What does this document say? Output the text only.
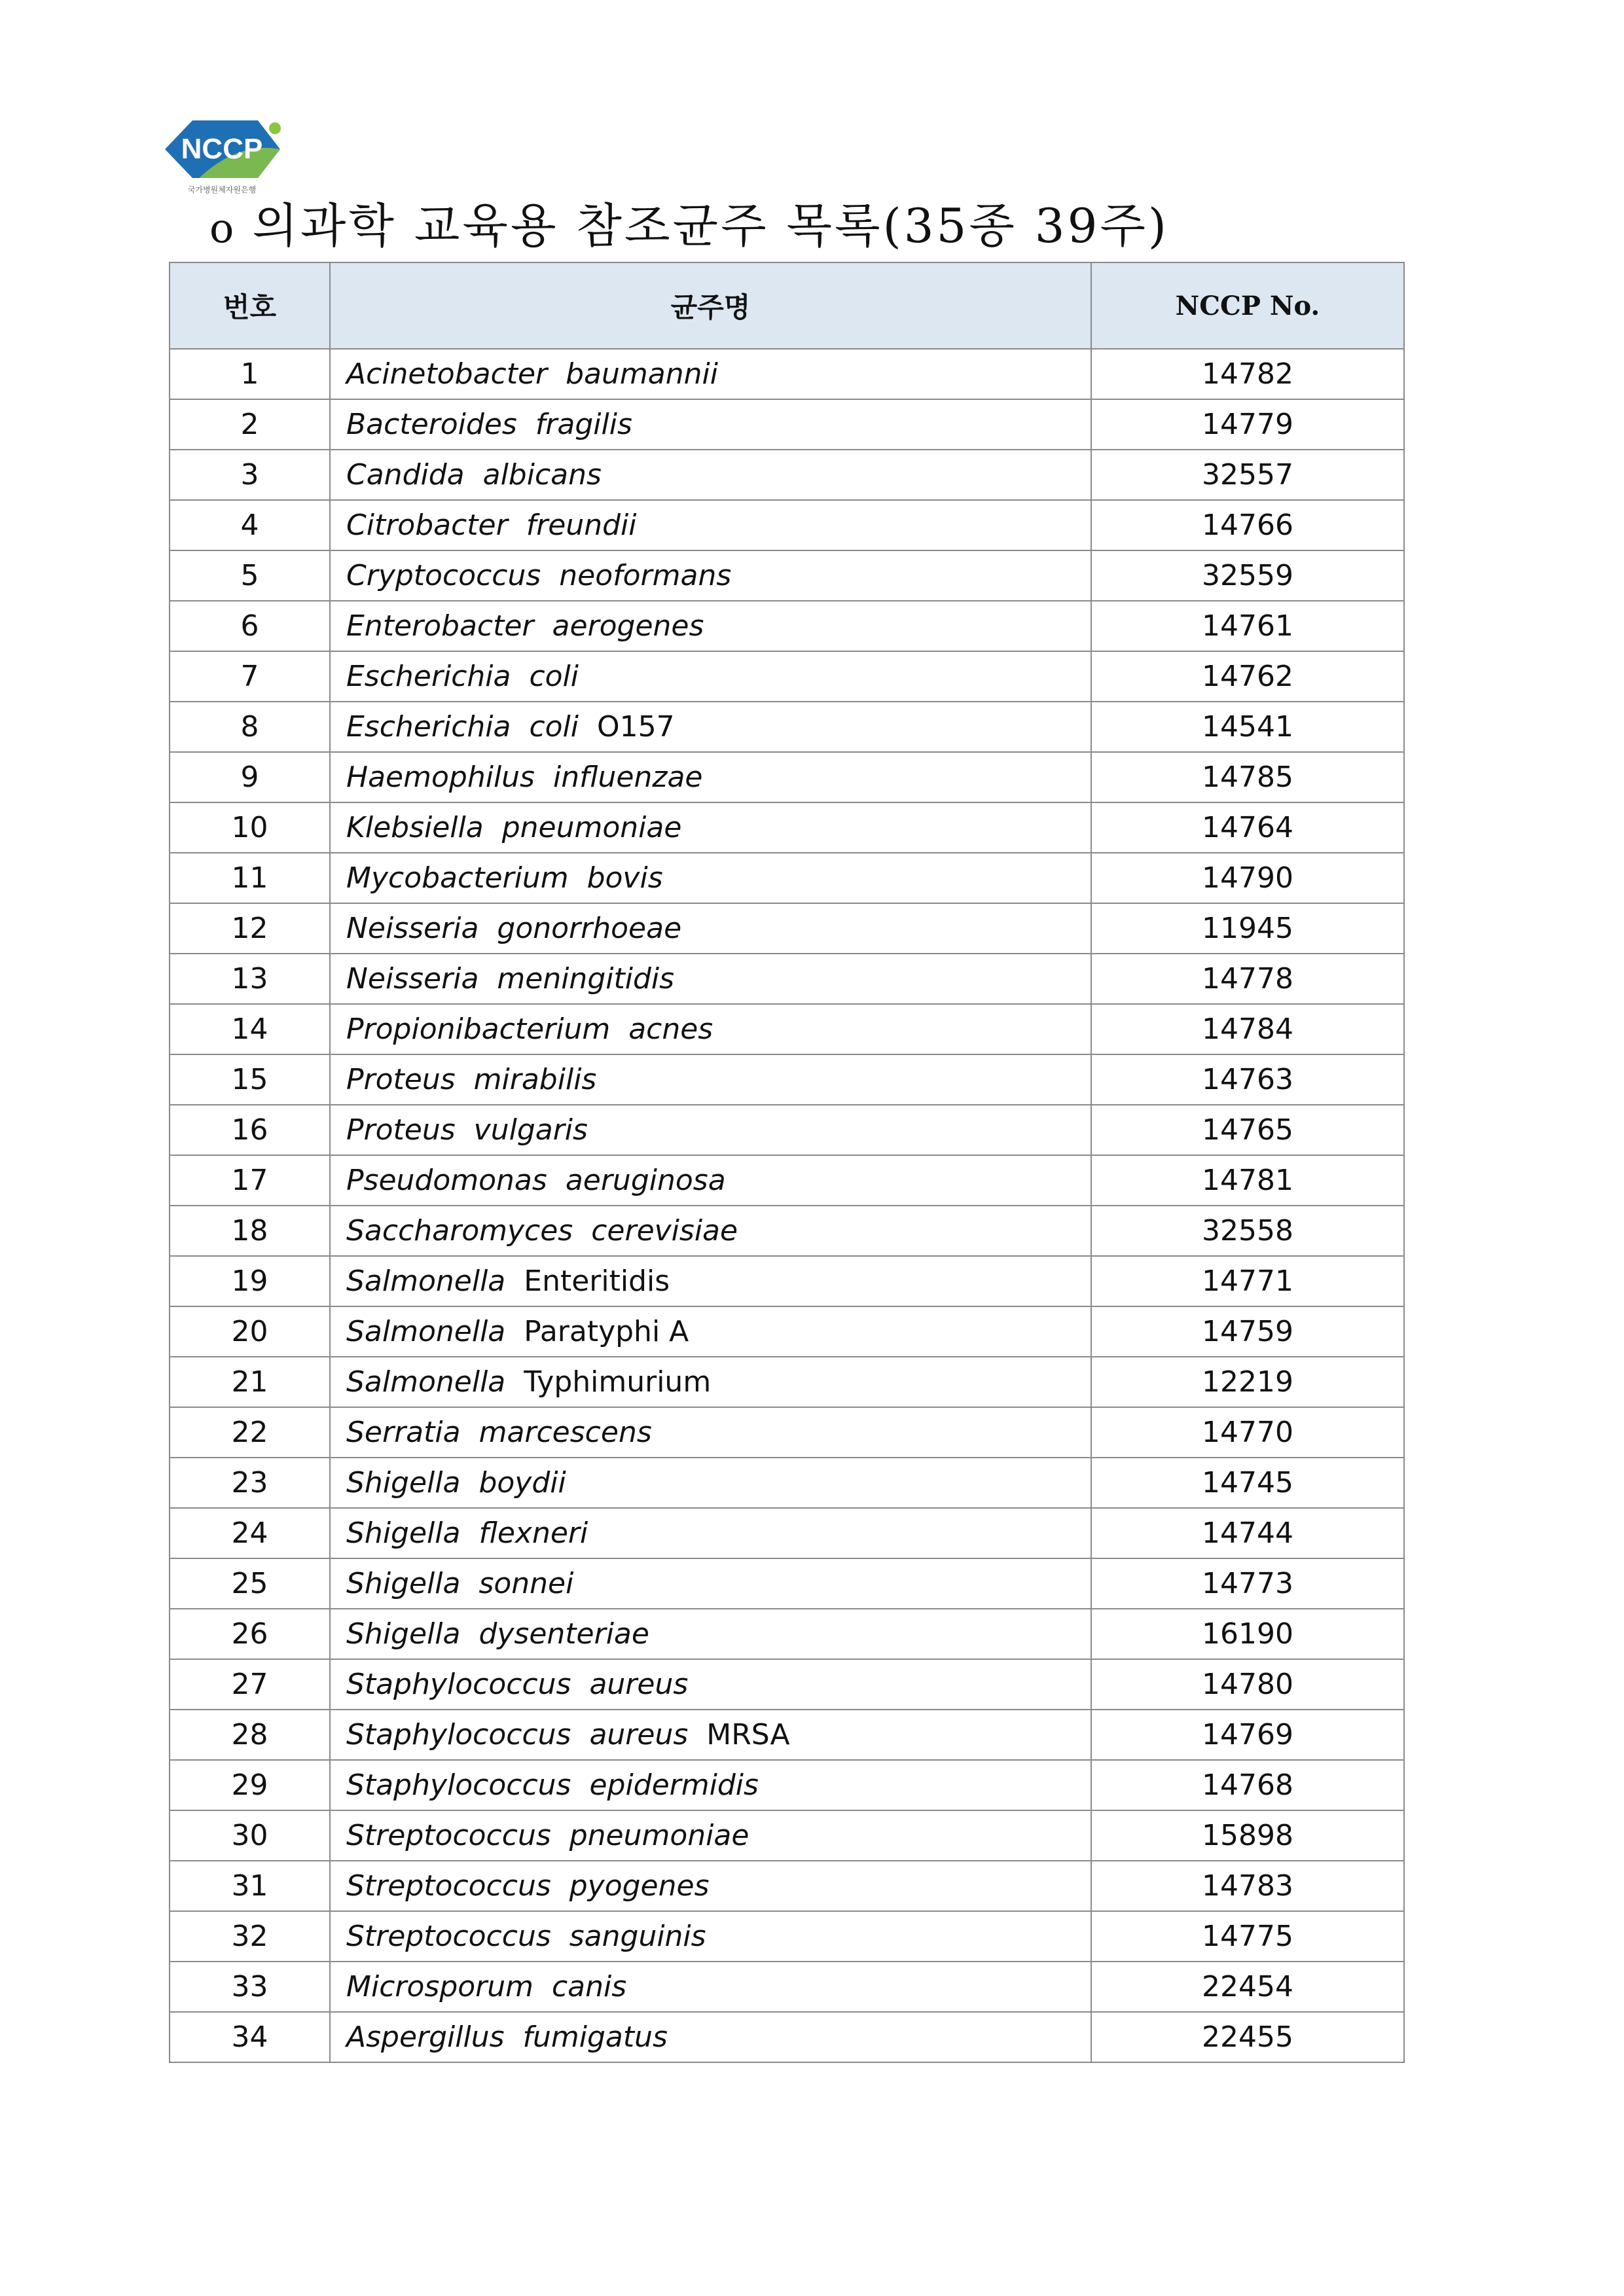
NCCP
국가병원체자원은행
o 의과학 교육용 참조균주 목록(35종 39주)
번호	균주명	NCCP No.
1	Acinetobacter baumannii	14782
2	Bacteroides fragilis	14779
3	Candida albicans	32557
4	Citrobacter freundii	14766
5	Cryptococcus neoformans	32559
6	Enterobacter aerogenes	14761
7	Escherichia coli	14762
8	Escherichia coli O157	14541
9	Haemophilus influenzae	14785
10	Klebsiella pneumoniae	14764
11	Mycobacterium bovis	14790
12	Neisseria gonorrhoeae	11945
13	Neisseria meningitidis	14778
14	Propionibacterium acnes	14784
15	Proteus mirabilis	14763
16	Proteus vulgaris	14765
17	Pseudomonas aeruginosa	14781
18	Saccharomyces cerevisiae	32558
19	Salmonella Enteritidis	14771
20	Salmonella Paratyphi A	14759
21	Salmonella Typhimurium	12219
22	Serratia marcescens	14770
23	Shigella boydii	14745
24	Shigella flexneri	14744
25	Shigella sonnei	14773
26	Shigella dysenteriae	16190
27	Staphylococcus aureus	14780
28	Staphylococcus aureus MRSA	14769
29	Staphylococcus epidermidis	14768
30	Streptococcus pneumoniae	15898
31	Streptococcus pyogenes	14783
32	Streptococcus sanguinis	14775
33	Microsporum canis	22454
34	Aspergillus fumigatus	22455
